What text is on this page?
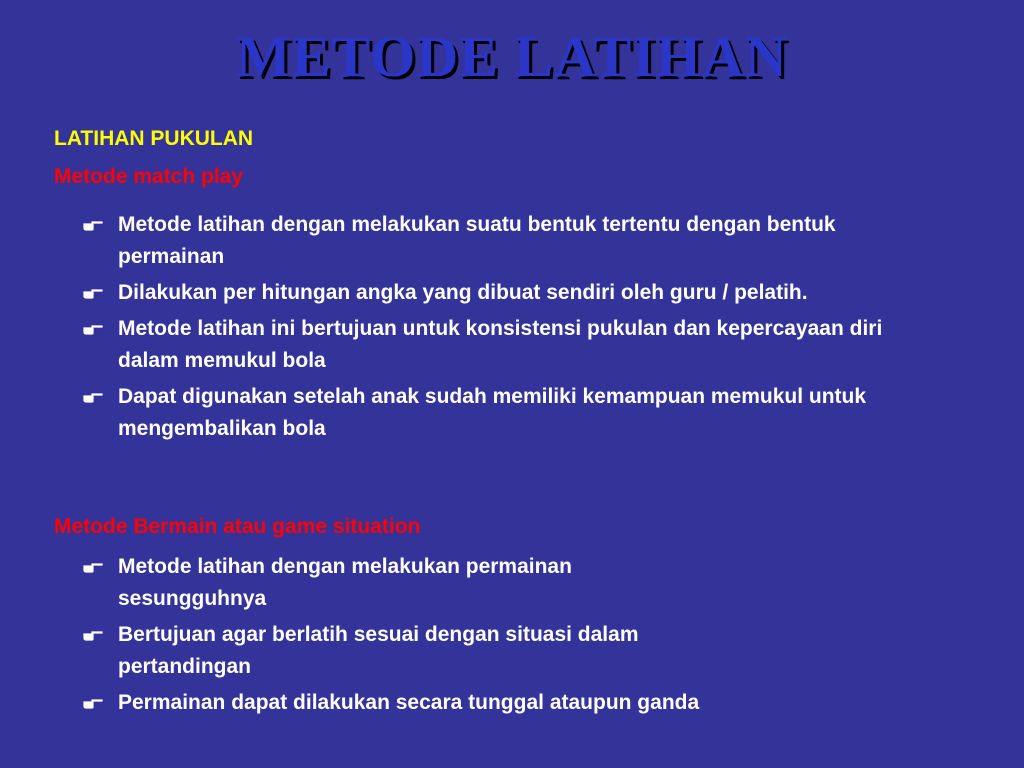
METODE LATIHAN
LATIHAN PUKULAN
Metode match play
Metode latihan dengan melakukan suatu bentuk tertentu dengan bentuk permainan
Dilakukan per hitungan angka yang dibuat sendiri oleh guru / pelatih.
Metode latihan ini bertujuan untuk konsistensi pukulan dan kepercayaan diri dalam memukul bola
Dapat digunakan setelah anak sudah memiliki kemampuan memukul untuk mengembalikan bola
Metode Bermain atau game situation
Metode latihan dengan melakukan permainan sesungguhnya
Bertujuan agar berlatih sesuai dengan situasi dalam pertandingan
Permainan dapat dilakukan secara tunggal ataupun ganda
